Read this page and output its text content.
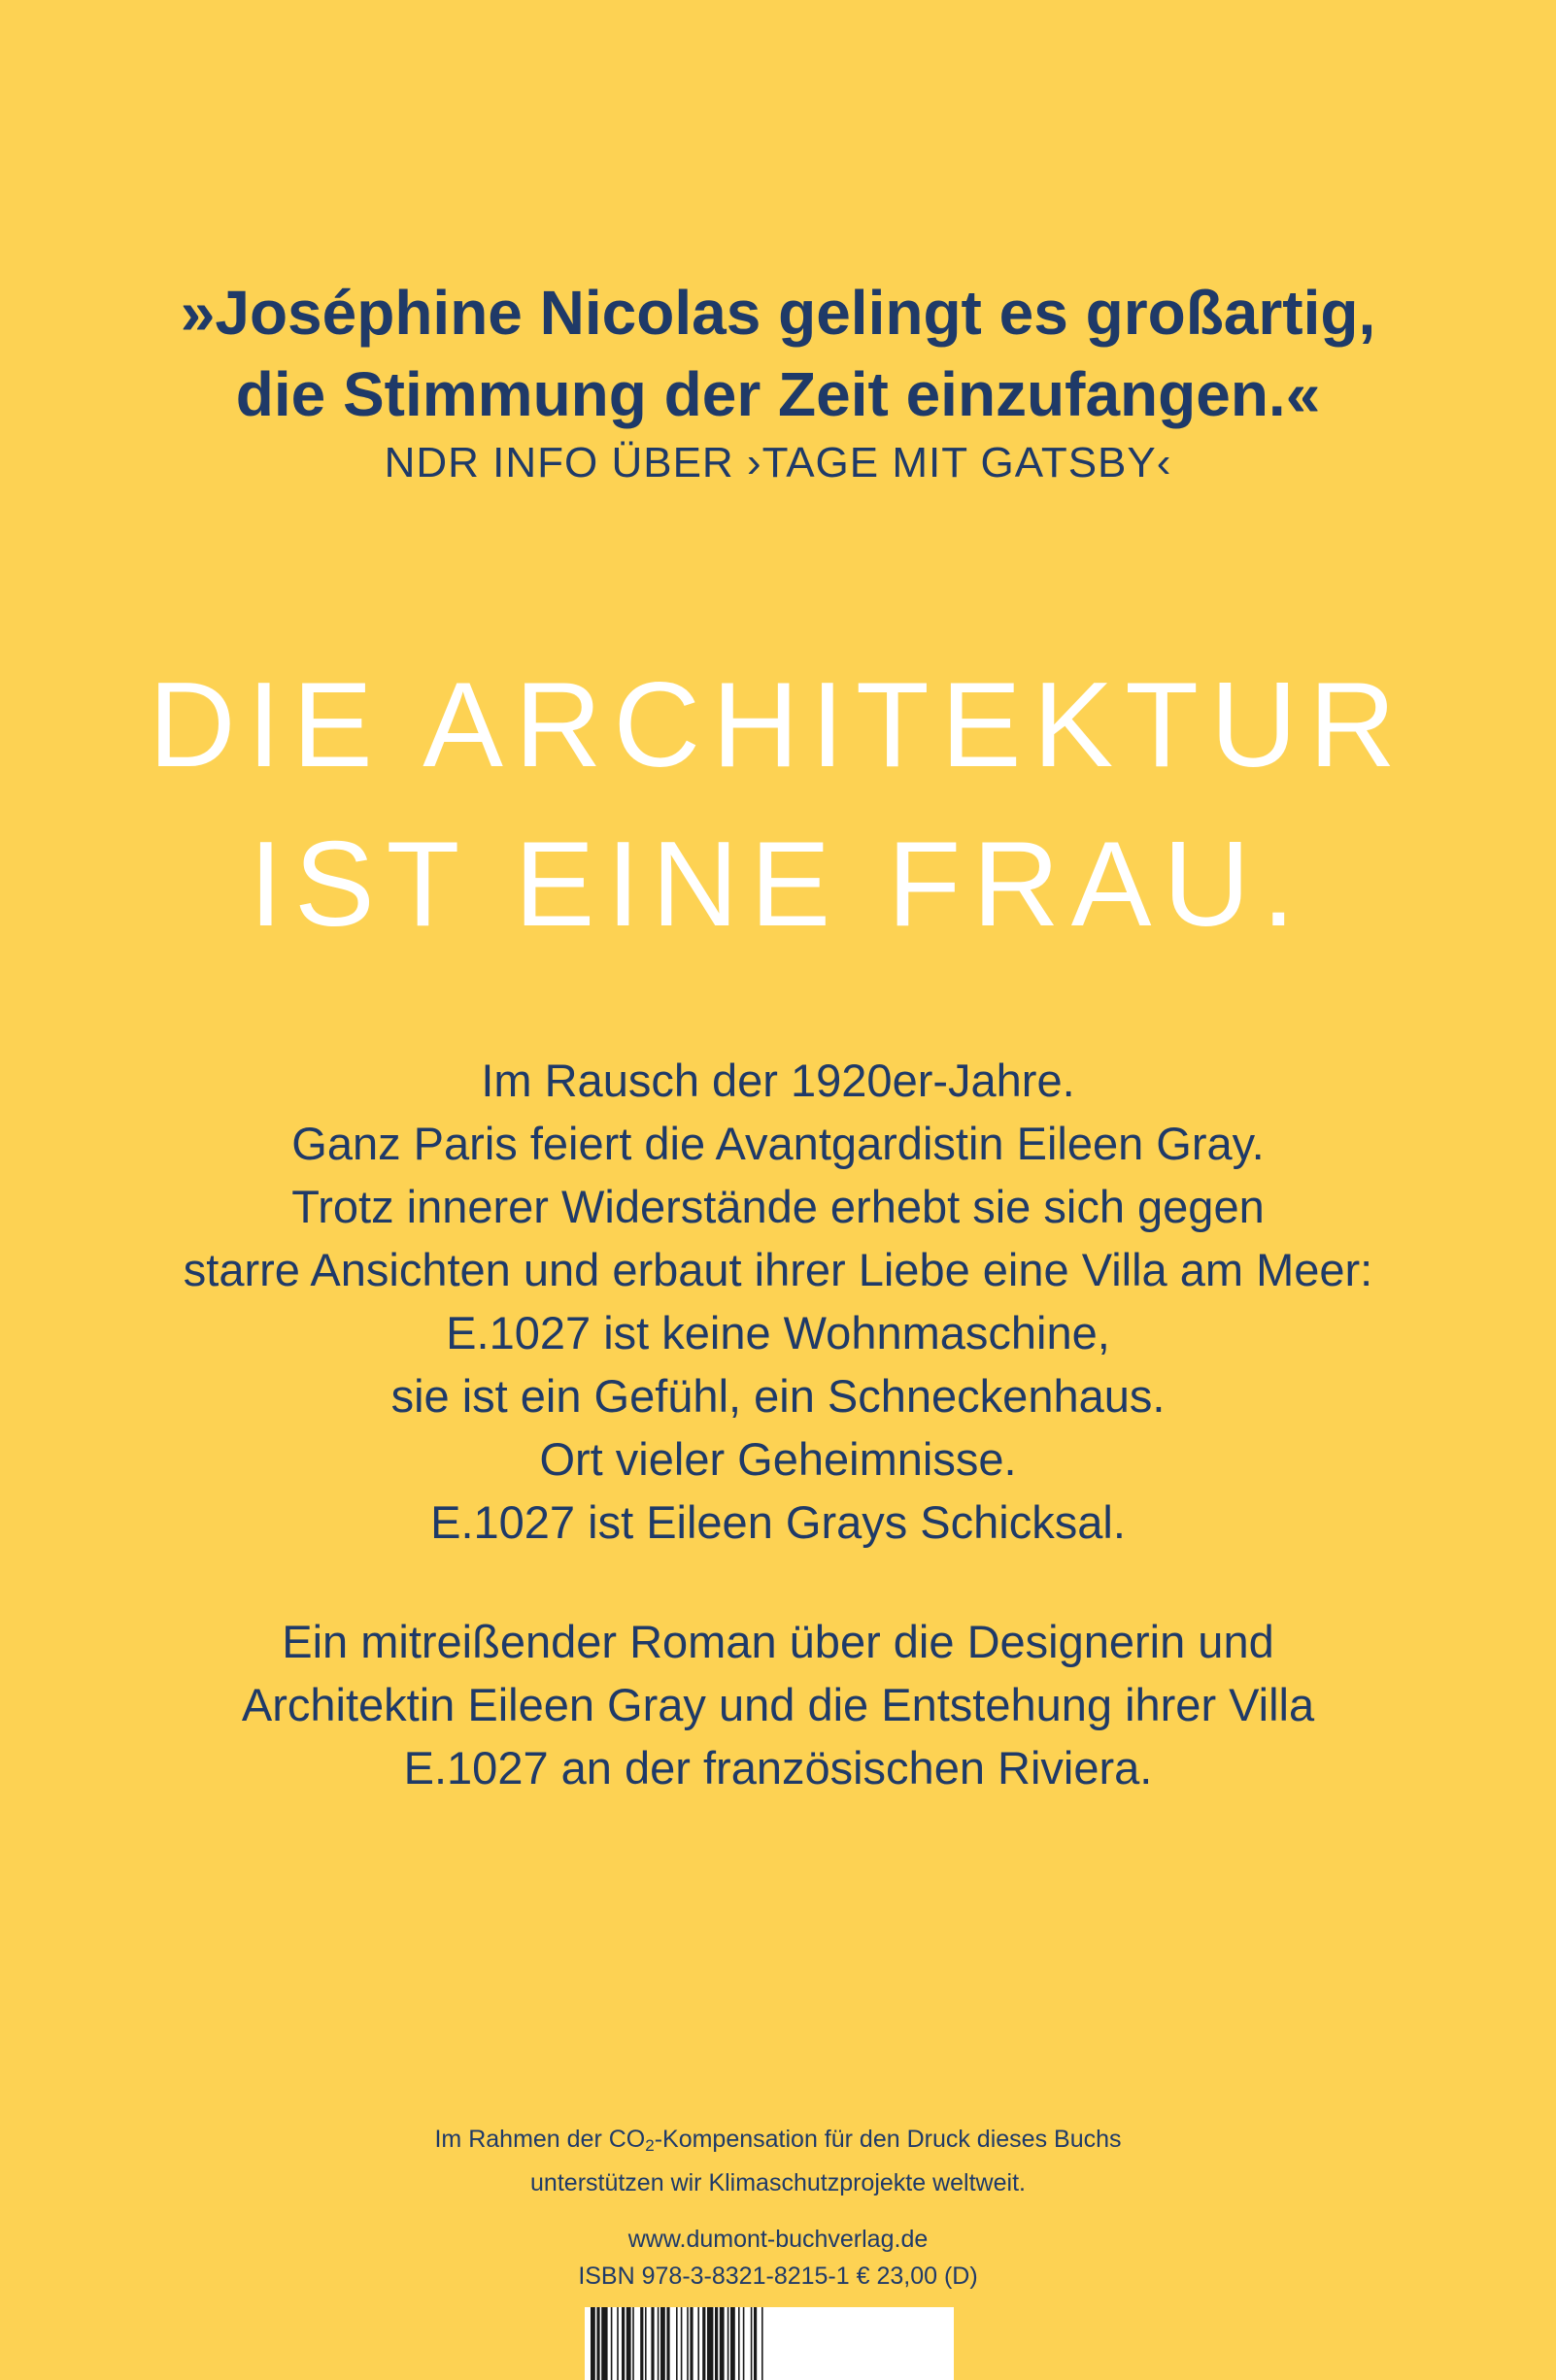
»Joséphine Nicolas gelingt es großartig,
die Stimmung der Zeit einzufangen.«
NDR INFO ÜBER ›TAGE MIT GATSBY‹
DIE ARCHITEKTUR
IST EINE FRAU.
Im Rausch der 1920er-Jahre.
Ganz Paris feiert die Avantgardistin Eileen Gray.
Trotz innerer Widerstände erhebt sie sich gegen
starre Ansichten und erbaut ihrer Liebe eine Villa am Meer:
E.1027 ist keine Wohnmaschine,
sie ist ein Gefühl, ein Schneckenhaus.
Ort vieler Geheimnisse.
E.1027 ist Eileen Grays Schicksal.
Ein mitreißender Roman über die Designerin und
Architektin Eileen Gray und die Entstehung ihrer Villa
E.1027 an der französischen Riviera.
Im Rahmen der $CO_2$-Kompensation für den Druck dieses Buchs
unterstützen wir Klimaschutzprojekte weltweit.
www.dumont-buchverlag.de
ISBN 978-3-8321-8215-1 € 23,00 (D)
